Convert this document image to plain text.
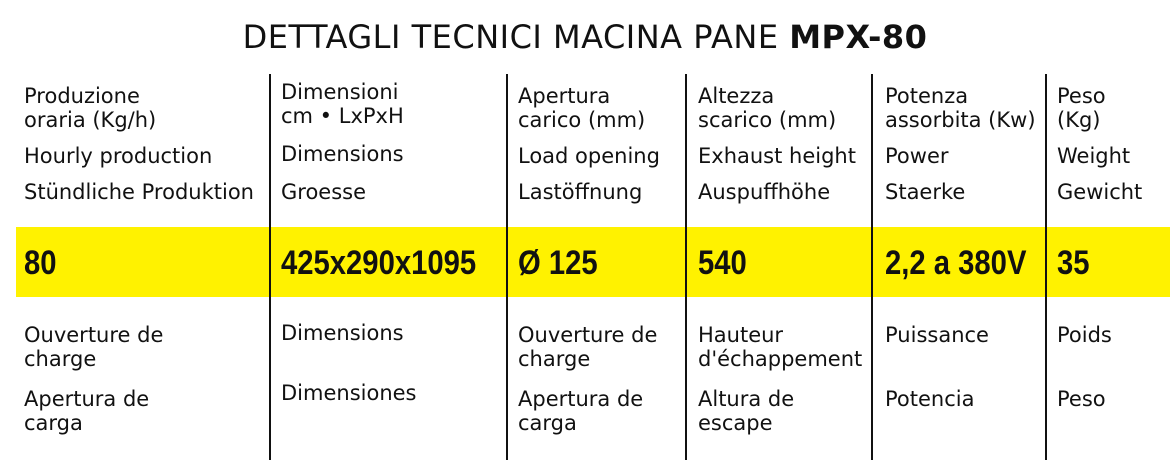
DETTAGLI TECNICI MACINA PANE MPX-80
Produzione
oraria (Kg/h)
Hourly production
Stündliche Produktion
80
Ouverture de
charge
Apertura de
carga
Dimensioni
cm • LxPxH
Dimensions
Groesse
425x290x1095
Dimensions
Dimensiones
Apertura
carico (mm)
Load opening
Lastöffnung
Ø 125
Ouverture de
charge
Apertura de
carga
Altezza
scarico (mm)
Exhaust height
Auspuffhöhe
540
Hauteur
d'échappement
Altura de
escape
Potenza
assorbita (Kw)
Power
Staerke
2,2 a 380V
Puissance
Potencia
Peso
(Kg)
Weight
Gewicht
35
Poids
Peso
